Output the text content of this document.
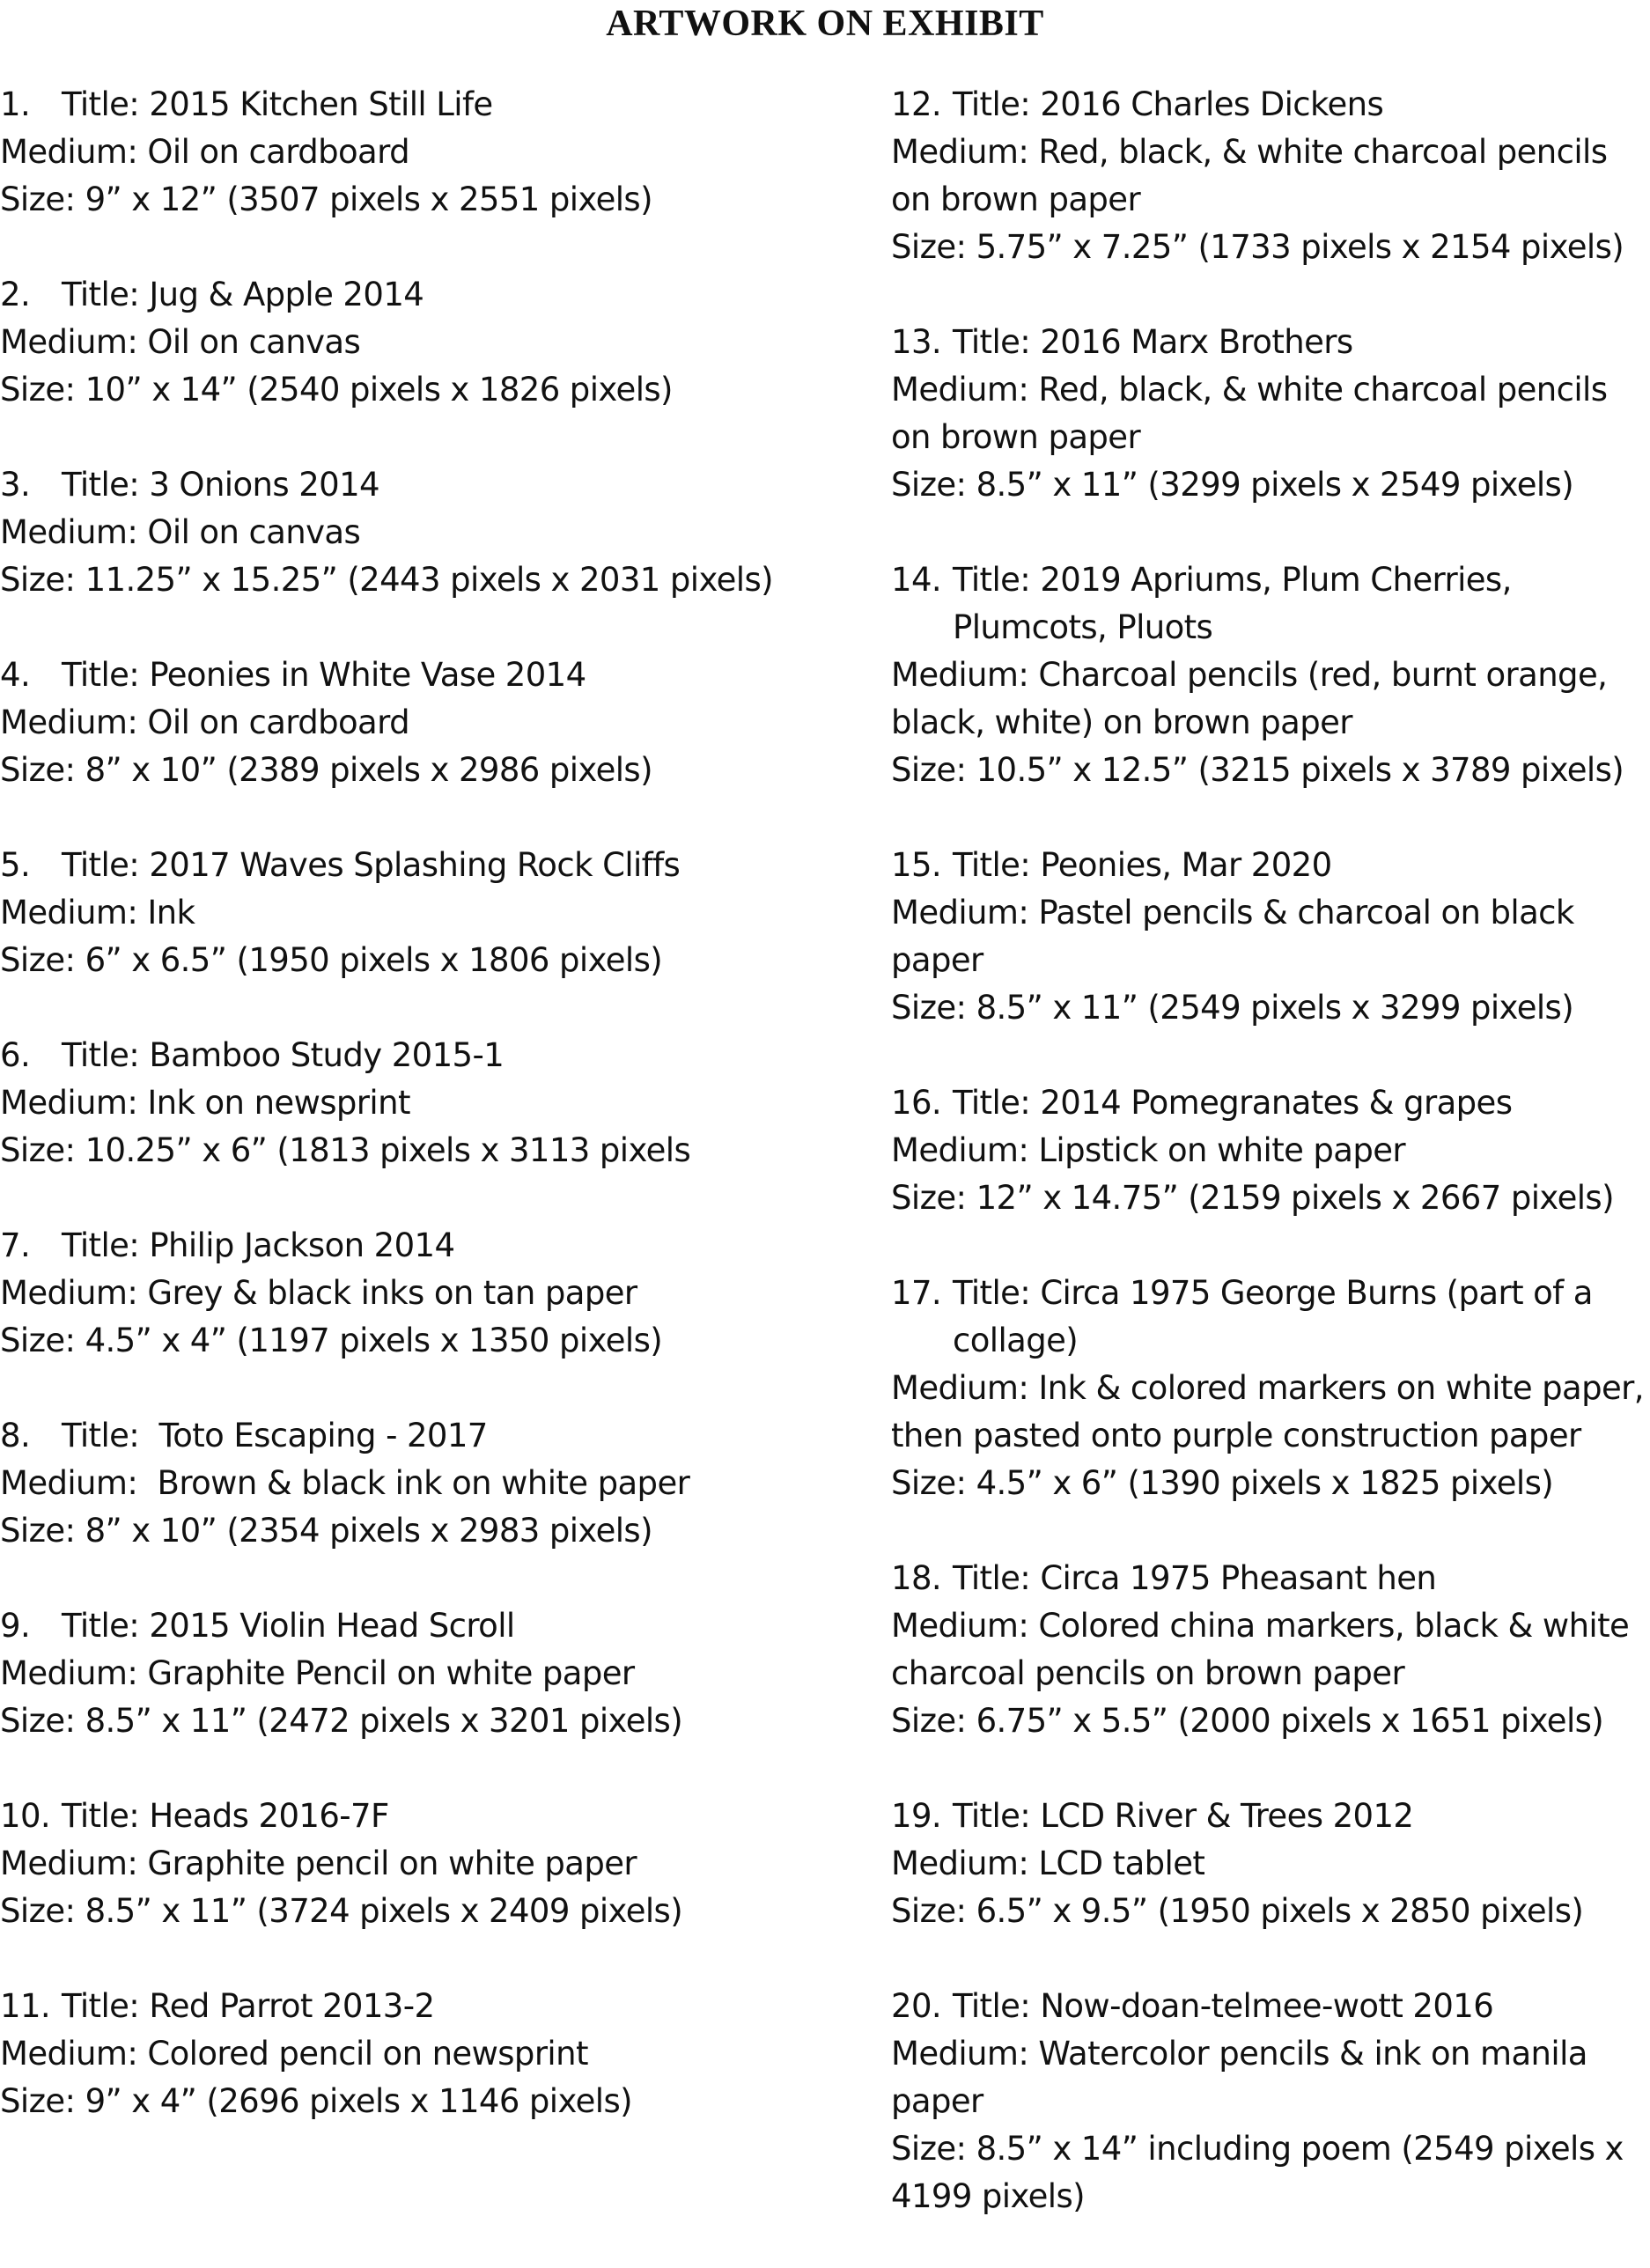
ARTWORK ON EXHIBIT
1. Title: 2015 Kitchen Still Life
Medium: Oil on cardboard
Size: 9” x 12” (3507 pixels x 2551 pixels)
2. Title: Jug & Apple 2014
Medium: Oil on canvas
Size: 10” x 14” (2540 pixels x 1826 pixels)
3. Title: 3 Onions 2014
Medium: Oil on canvas
Size: 11.25” x 15.25” (2443 pixels x 2031 pixels)
4. Title: Peonies in White Vase 2014
Medium: Oil on cardboard
Size: 8” x 10” (2389 pixels x 2986 pixels)
5. Title: 2017 Waves Splashing Rock Cliffs
Medium: Ink
Size: 6” x 6.5” (1950 pixels x 1806 pixels)
6. Title: Bamboo Study 2015-1
Medium: Ink on newsprint
Size: 10.25” x 6” (1813 pixels x 3113 pixels
7. Title: Philip Jackson 2014
Medium: Grey & black inks on tan paper
Size: 4.5” x 4” (1197 pixels x 1350 pixels)
8. Title:  Toto Escaping - 2017
Medium:  Brown & black ink on white paper
Size: 8” x 10” (2354 pixels x 2983 pixels)
9. Title: 2015 Violin Head Scroll
Medium: Graphite Pencil on white paper
Size: 8.5” x 11” (2472 pixels x 3201 pixels)
10. Title: Heads 2016-7F
Medium: Graphite pencil on white paper
Size: 8.5” x 11” (3724 pixels x 2409 pixels)
11. Title: Red Parrot 2013-2
Medium: Colored pencil on newsprint
Size: 9” x 4” (2696 pixels x 1146 pixels)
12. Title: 2016 Charles Dickens
Medium: Red, black, & white charcoal pencils on brown paper
Size: 5.75” x 7.25” (1733 pixels x 2154 pixels)
13. Title: 2016 Marx Brothers
Medium: Red, black, & white charcoal pencils on brown paper
Size: 8.5” x 11” (3299 pixels x 2549 pixels)
14. Title: 2019 Apriums, Plum Cherries, Plumcots, Pluots
Medium: Charcoal pencils (red, burnt orange, black, white) on brown paper
Size: 10.5” x 12.5” (3215 pixels x 3789 pixels)
15. Title: Peonies, Mar 2020
Medium: Pastel pencils & charcoal on black paper
Size: 8.5” x 11” (2549 pixels x 3299 pixels)
16. Title: 2014 Pomegranates & grapes
Medium: Lipstick on white paper
Size: 12” x 14.75” (2159 pixels x 2667 pixels)
17. Title: Circa 1975 George Burns (part of a collage)
Medium: Ink & colored markers on white paper, then pasted onto purple construction paper
Size: 4.5” x 6” (1390 pixels x 1825 pixels)
18. Title: Circa 1975 Pheasant hen
Medium: Colored china markers, black & white charcoal pencils on brown paper
Size: 6.75” x 5.5” (2000 pixels x 1651 pixels)
19. Title: LCD River & Trees 2012
Medium: LCD tablet
Size: 6.5” x 9.5” (1950 pixels x 2850 pixels)
20. Title: Now-doan-telmee-wott 2016
Medium: Watercolor pencils & ink on manila paper
Size: 8.5” x 14” including poem (2549 pixels x 4199 pixels)
